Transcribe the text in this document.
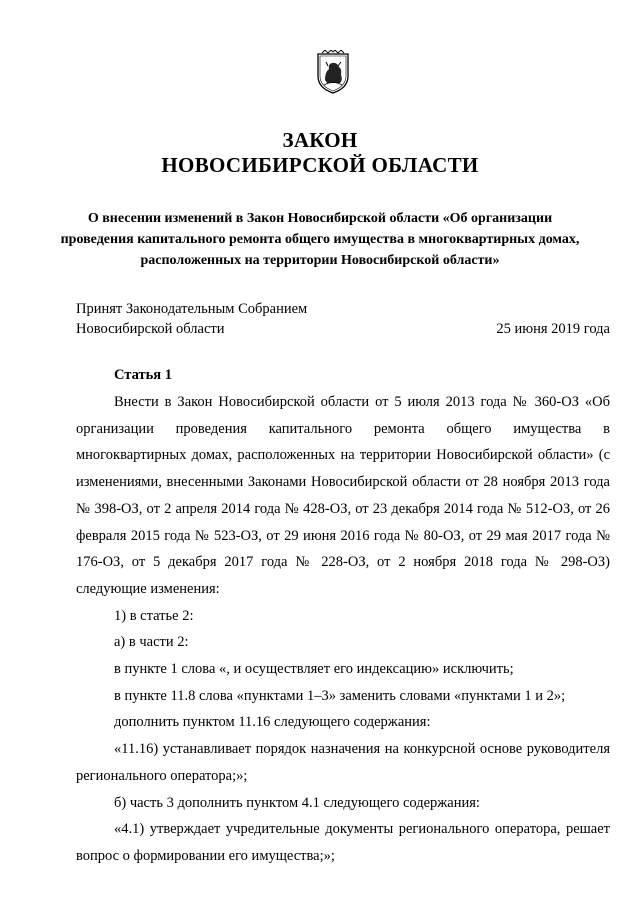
ЗАКОН
НОВОСИБИРСКОЙ ОБЛАСТИ
О внесении изменений в Закон Новосибирской области «Об организации проведения капитального ремонта общего имущества в многоквартирных домах, расположенных на территории Новосибирской области»
Принят Законодательным Собранием
Новосибирской области	25 июня 2019 года
Статья 1

Внести в Закон Новосибирской области от 5 июля 2013 года № 360-ОЗ «Об организации проведения капитального ремонта общего имущества в многоквартирных домах, расположенных на территории Новосибирской области» (с изменениями, внесенными Законами Новосибирской области от 28 ноября 2013 года № 398-ОЗ, от 2 апреля 2014 года № 428-ОЗ, от 23 декабря 2014 года № 512-ОЗ, от 26 февраля 2015 года № 523-ОЗ, от 29 июня 2016 года № 80-ОЗ, от 29 мая 2017 года № 176-ОЗ, от 5 декабря 2017 года № 228-ОЗ, от 2 ноября 2018 года № 298-ОЗ) следующие изменения:

1) в статье 2:

а) в части 2:

в пункте 1 слова «, и осуществляет его индексацию» исключить;

в пункте 11.8 слова «пунктами 1–3» заменить словами «пунктами 1 и 2»;

дополнить пунктом 11.16 следующего содержания:

«11.16) устанавливает порядок назначения на конкурсной основе руководителя регионального оператора;»;

б) часть 3 дополнить пунктом 4.1 следующего содержания:

«4.1) утверждает учредительные документы регионального оператора, решает вопрос о формировании его имущества;»;
